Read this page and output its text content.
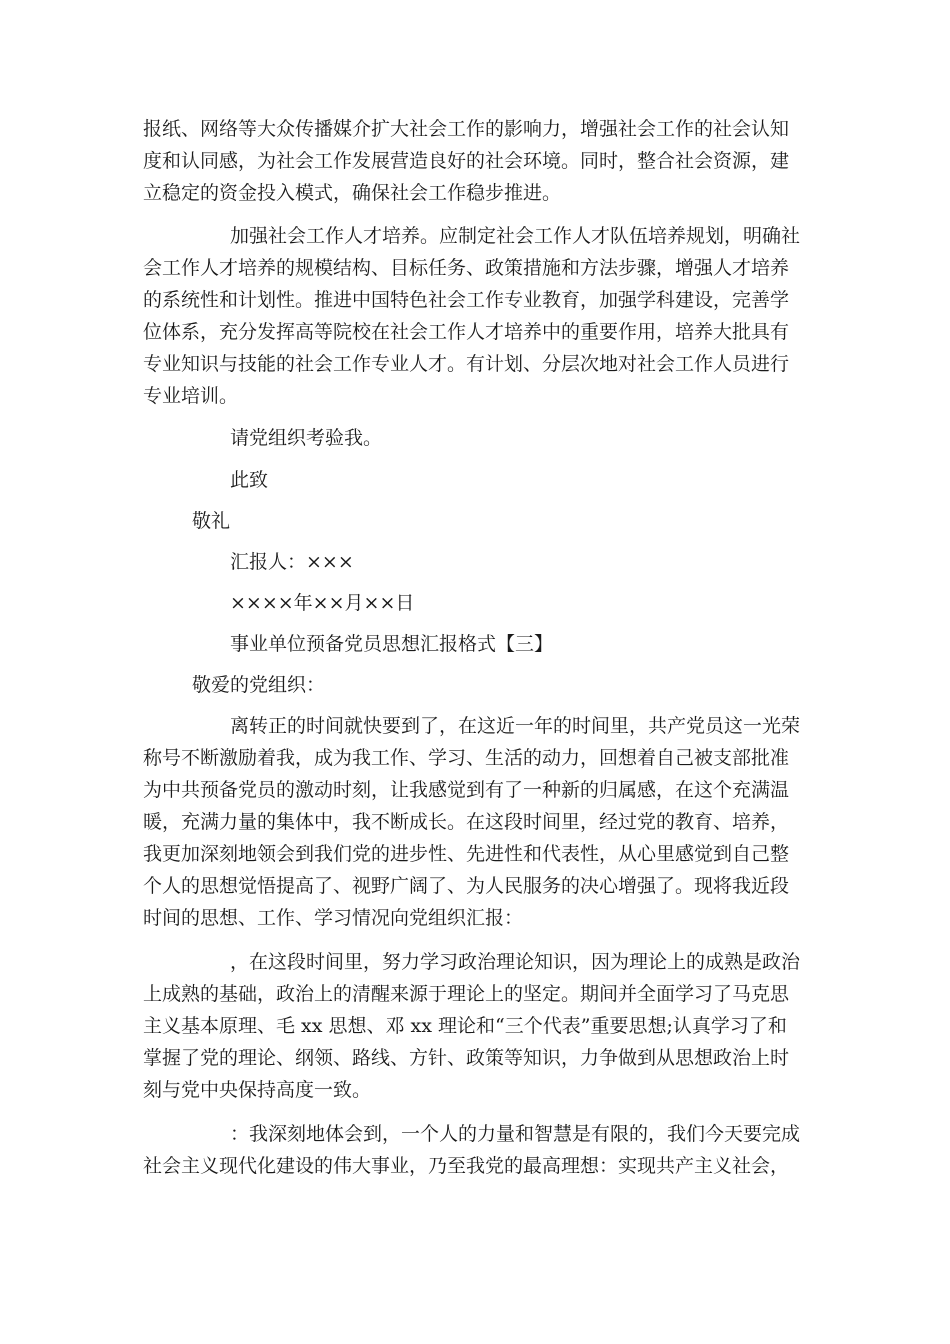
报纸、网络等大众传播媒介扩大社会工作的影响力，增强社会工作的社会认知
度和认同感，为社会工作发展营造良好的社会环境。同时，整合社会资源，建
立稳定的资金投入模式，确保社会工作稳步推进。
加强社会工作人才培养。应制定社会工作人才队伍培养规划，明确社
会工作人才培养的规模结构、目标任务、政策措施和方法步骤，增强人才培养
的系统性和计划性。推进中国特色社会工作专业教育，加强学科建设，完善学
位体系，充分发挥高等院校在社会工作人才培养中的重要作用，培养大批具有
专业知识与技能的社会工作专业人才。有计划、分层次地对社会工作人员进行
专业培训。
请党组织考验我。
此致
敬礼
汇报人：×××
××××年××月××日
事业单位预备党员思想汇报格式【三】
敬爱的党组织：
离转正的时间就快要到了，在这近一年的时间里，共产党员这一光荣
称号不断激励着我，成为我工作、学习、生活的动力，回想着自己被支部批准
为中共预备党员的激动时刻，让我感觉到有了一种新的归属感，在这个充满温
暖，充满力量的集体中，我不断成长。在这段时间里，经过党的教育、培养，
我更加深刻地领会到我们党的进步性、先进性和代表性，从心里感觉到自己整
个人的思想觉悟提高了、视野广阔了、为人民服务的决心增强了。现将我近段
时间的思想、工作、学习情况向党组织汇报：
，在这段时间里，努力学习政治理论知识，因为理论上的成熟是政治
上成熟的基础，政治上的清醒来源于理论上的坚定。期间并全面学习了马克思
主义基本原理、毛 xx 思想、邓 xx 理论和“三个代表”重要思想;认真学习了和
掌握了党的理论、纲领、路线、方针、政策等知识，力争做到从思想政治上时
刻与党中央保持高度一致。
：我深刻地体会到，一个人的力量和智慧是有限的，我们今天要完成
社会主义现代化建设的伟大事业，乃至我党的最高理想：实现共产主义社会，
